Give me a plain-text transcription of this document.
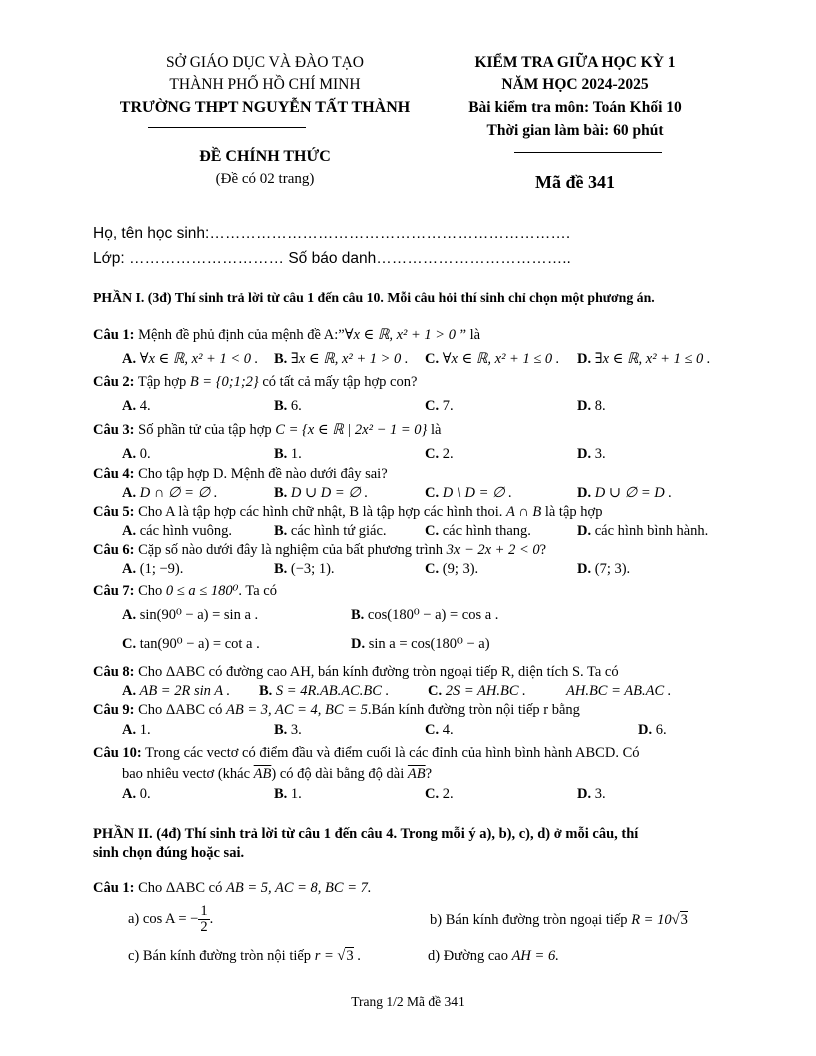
SỞ GIÁO DỤC VÀ ĐÀO TẠO
THÀNH PHỐ HỒ CHÍ MINH
TRƯỜNG THPT NGUYỄN TẤT THÀNH
ĐỀ CHÍNH THỨC
(Đề có 02 trang)
KIỂM TRA GIỮA HỌC KỲ 1
NĂM HỌC 2024-2025
Bài kiểm tra môn: Toán Khối 10
Thời gian làm bài: 60 phút
Mã đề 341
Họ, tên học sinh:…………………………………………………………….
Lớp: ………………………… Số báo danh………………………………..
PHẦN I. (3đ) Thí sinh trả lời từ câu 1 đến câu 10. Mỗi câu hỏi thí sinh chỉ chọn một phương án.
Câu 1: Mệnh đề phủ định của mệnh đề A:”∀x ∈ ℝ, x² + 1 > 0 ” là
A. ∀x ∈ ℝ, x² + 1 < 0 . B. ∃x ∈ ℝ, x² + 1 > 0 . C. ∀x ∈ ℝ, x² + 1 ≤ 0 . D. ∃x ∈ ℝ, x² + 1 ≤ 0 .
Câu 2: Tập hợp B = {0;1;2} có tất cả mấy tập hợp con?
A. 4.	B. 6.	C. 7.	D. 8.
Câu 3: Số phần tử của tập hợp C = {x ∈ ℝ | 2x² − 1 = 0} là
A. 0.	B. 1.	C. 2.	D. 3.
Câu 4: Cho tập hợp D. Mệnh đề nào dưới đây sai?
A. D ∩ ∅ = ∅ .	B. D ∪ D = ∅ .	C. D \ D = ∅ .	D. D ∪ ∅ = D .
Câu 5: Cho A là tập hợp các hình chữ nhật, B là tập hợp các hình thoi. A ∩ B là tập hợp
A. các hình vuông.	B. các hình tứ giác.	C. các hình thang.	D. các hình bình hành.
Câu 6: Cặp số nào dưới đây là nghiệm của bất phương trình 3x − 2x + 2 < 0?
A. (1; −9).	B. (−3; 1).	C. (9; 3).	D. (7; 3).
Câu 7: Cho 0 ≤ a ≤ 180⁰. Ta có
A. sin(90⁰ − a) = sin a .	B. cos(180⁰ − a) = cos a .
C. tan(90⁰ − a) = cot a .	D. sin a = cos(180⁰ − a)
Câu 8: Cho ΔABC có đường cao AH, bán kính đường tròn ngoại tiếp R, diện tích S. Ta có
A. AB = 2R sin A . B. S = 4R.AB.AC.BC .	C. 2S = AH.BC .	AH.BC = AB.AC .
Câu 9: Cho ΔABC có AB = 3, AC = 4, BC = 5.Bán kính đường tròn nội tiếp r bằng
A. 1.	B. 3.	C. 4.	D. 6.
Câu 10: Trong các vectơ có điểm đầu và điểm cuối là các đỉnh của hình bình hành ABCD. Có
bao nhiêu vectơ (khác $\overline{AB}$) có độ dài bằng độ dài $\overline{AB}$?
A. 0.	B. 1.	C. 2.	D. 3.
PHẦN II. (4đ) Thí sinh trả lời từ câu 1 đến câu 4. Trong mỗi ý a), b), c), d) ở mỗi câu, thí
sinh chọn đúng hoặc sai.
Câu 1: Cho ΔABC có AB = 5, AC = 8, BC = 7.
a) cos A = − $\frac{1}{2}$ .	b) Bán kính đường tròn ngoại tiếp R = 10√3
c) Bán kính đường tròn nội tiếp r = √3 .	d) Đường cao AH = 6.
Trang 1/2 Mã đề 341
